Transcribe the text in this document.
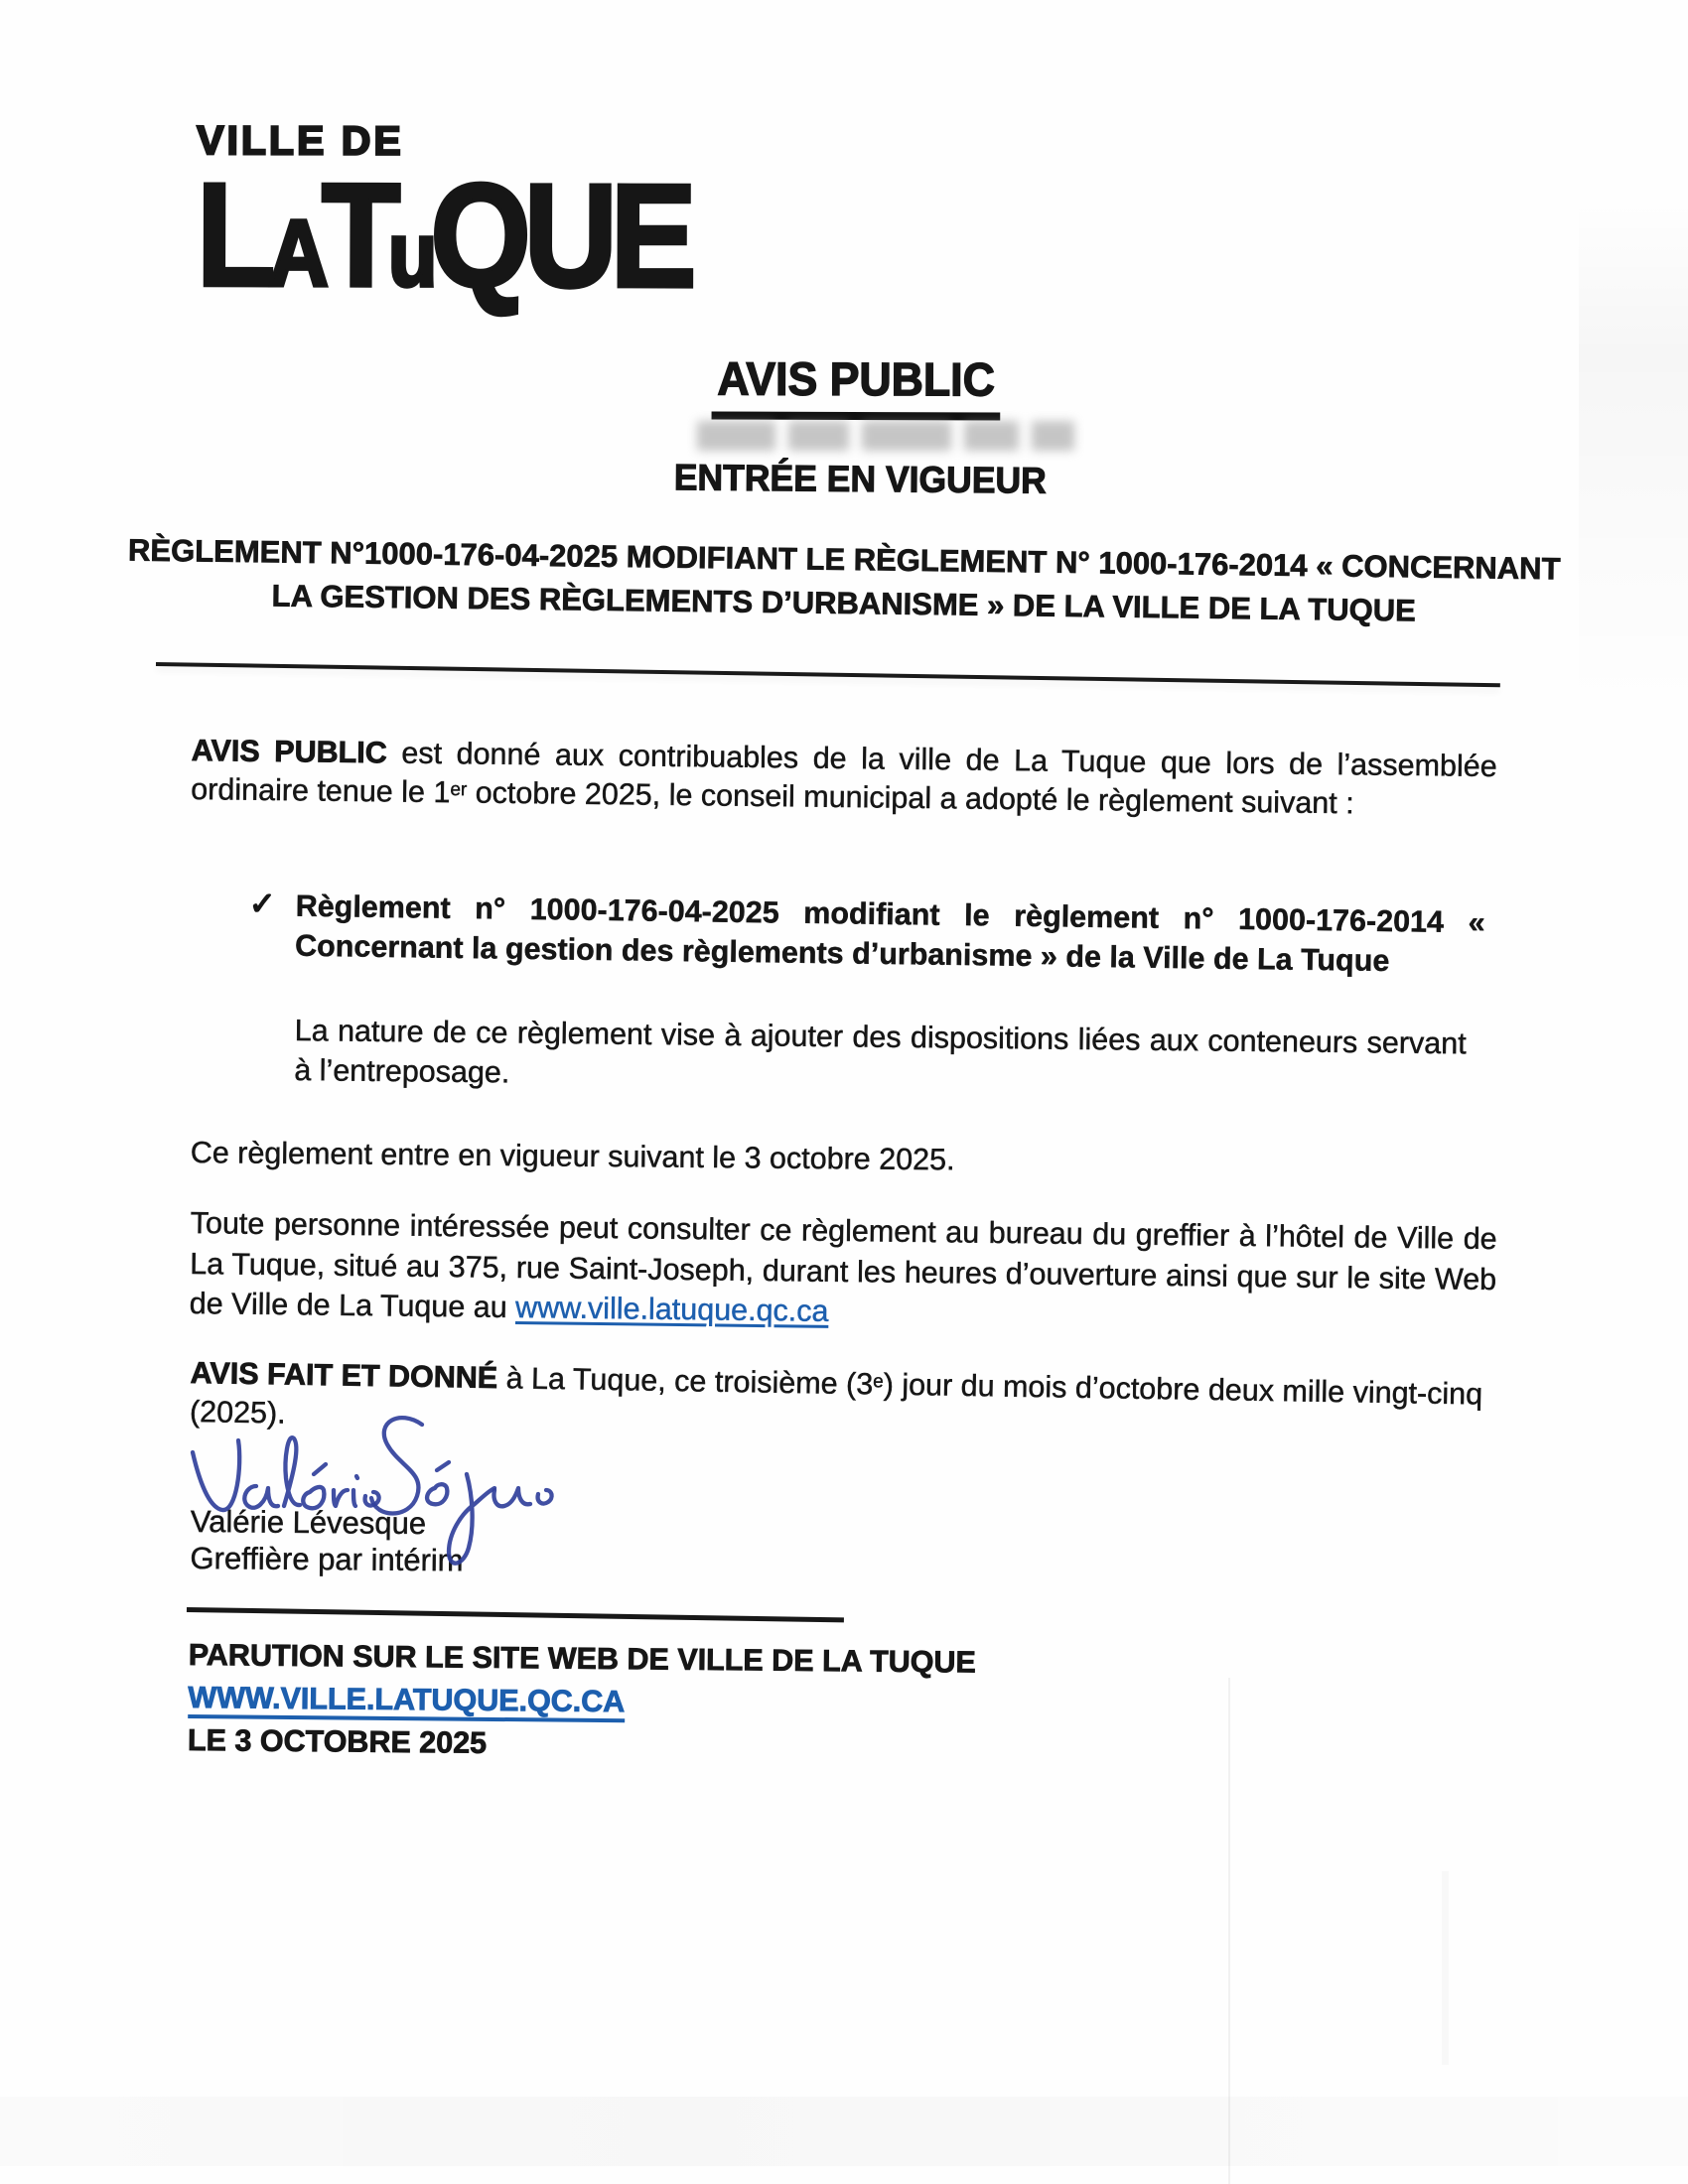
VILLE DE
LATuQUE
AVIS PUBLIC
ENTRÉE EN VIGUEUR
RÈGLEMENT N°1000-176-04-2025 MODIFIANT LE RÈGLEMENT N° 1000-176-2014 « CONCERNANT
LA GESTION DES RÈGLEMENTS D’URBANISME » DE LA VILLE DE LA TUQUE
AVIS PUBLIC est donné aux contribuables de la ville de La Tuque que lors de l’assemblée ordinaire tenue le 1er octobre 2025, le conseil municipal a adopté le règlement suivant :
✓ Règlement n° 1000-176-04-2025 modifiant le règlement n° 1000-176-2014 « Concernant la gestion des règlements d’urbanisme » de la Ville de La Tuque
La nature de ce règlement vise à ajouter des dispositions liées aux conteneurs servant à l’entreposage.
Ce règlement entre en vigueur suivant le 3 octobre 2025.
Toute personne intéressée peut consulter ce règlement au bureau du greffier à l’hôtel de Ville de La Tuque, situé au 375, rue Saint-Joseph, durant les heures d’ouverture ainsi que sur le site Web de Ville de La Tuque au www.ville.latuque.qc.ca
AVIS FAIT ET DONNÉ à La Tuque, ce troisième (3e) jour du mois d’octobre deux mille vingt-cinq (2025).
Valérie Lévesque
Greffière par intérim
PARUTION SUR LE SITE WEB DE VILLE DE LA TUQUE
WWW.VILLE.LATUQUE.QC.CA
LE 3 OCTOBRE 2025
